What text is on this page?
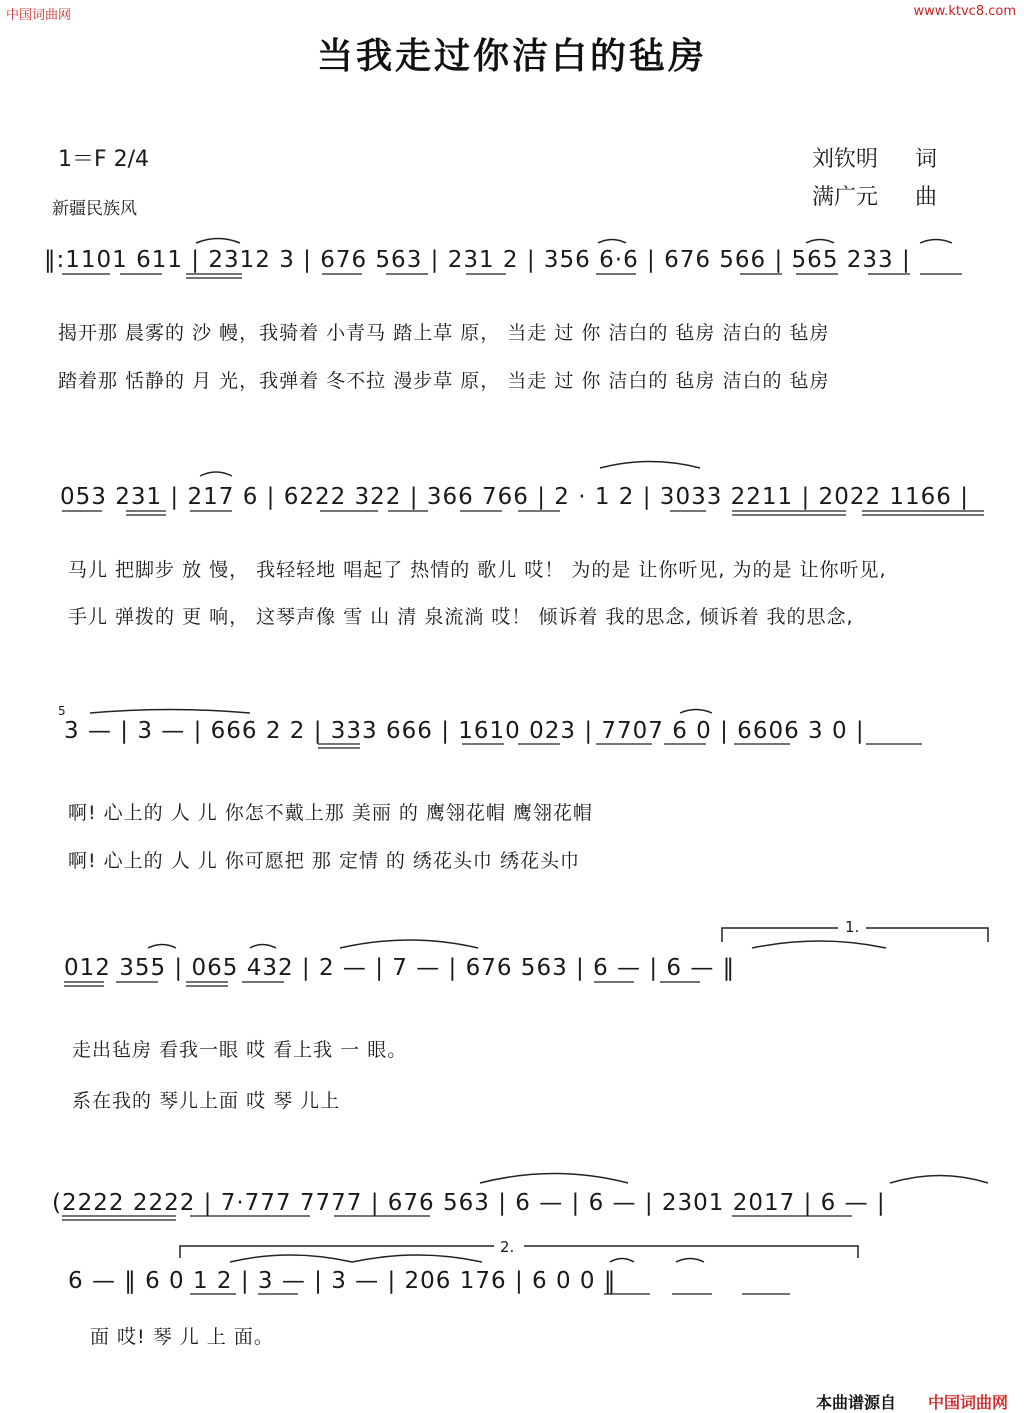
中国词曲网	www.ktvc8.com
当我走过你洁白的毡房
1＝F 2/4
新疆民族风
刘钦明 词
满广元 曲
‖:1101 611 | 2312 3 | 676 563 | 231 2 | 356 6·6 | 676 566 | 565 233 |
揭开那 晨雾的 沙 幔，我骑着 小青马 踏上草 原， 当走 过 你 洁白的 毡房 洁白的 毡房
踏着那 恬静的 月 光，我弹着 冬不拉 漫步草 原， 当走 过 你 洁白的 毡房 洁白的 毡房
053 231 | 217 6 | 6222 322 | 366 766 | 2 · 1 2 | 3033 2211 | 2022 1166 |
马儿 把脚步 放 慢， 我轻轻地 唱起了 热情的 歌儿 哎！ 为的是 让你听见, 为的是 让你听见,
手儿 弹拨的 更 响， 这琴声像 雪 山 清 泉流淌 哎！ 倾诉着 我的思念, 倾诉着 我的思念,
5
3 — | 3 — | 666 2 2 | 333 666 | 1610 023 | 7707 6 0 | 6606 3 0 |
啊! 心上的 人 儿 你怎不戴上那 美丽 的 鹰翎花帽 鹰翎花帽
啊! 心上的 人 儿 你可愿把 那 定情 的 绣花头巾 绣花头巾
1.
012 355 | 065 432 | 2 — | 7 — | 676 563 | 6 — | 6 — ‖
走出毡房 看我一眼 哎 看上我 一 眼。
系在我的 琴儿上面 哎 琴 儿上
(2222 2222 | 7·777 7777 | 676 563 | 6 — | 6 — | 2301 2017 | 6 — |
2.
6 — ‖ 6 0 1 2 | 3 — | 3 — | 206 176 | 6 0 0 ‖
面 哎! 琴 儿 上 面。
本曲谱源自 中国词曲网
